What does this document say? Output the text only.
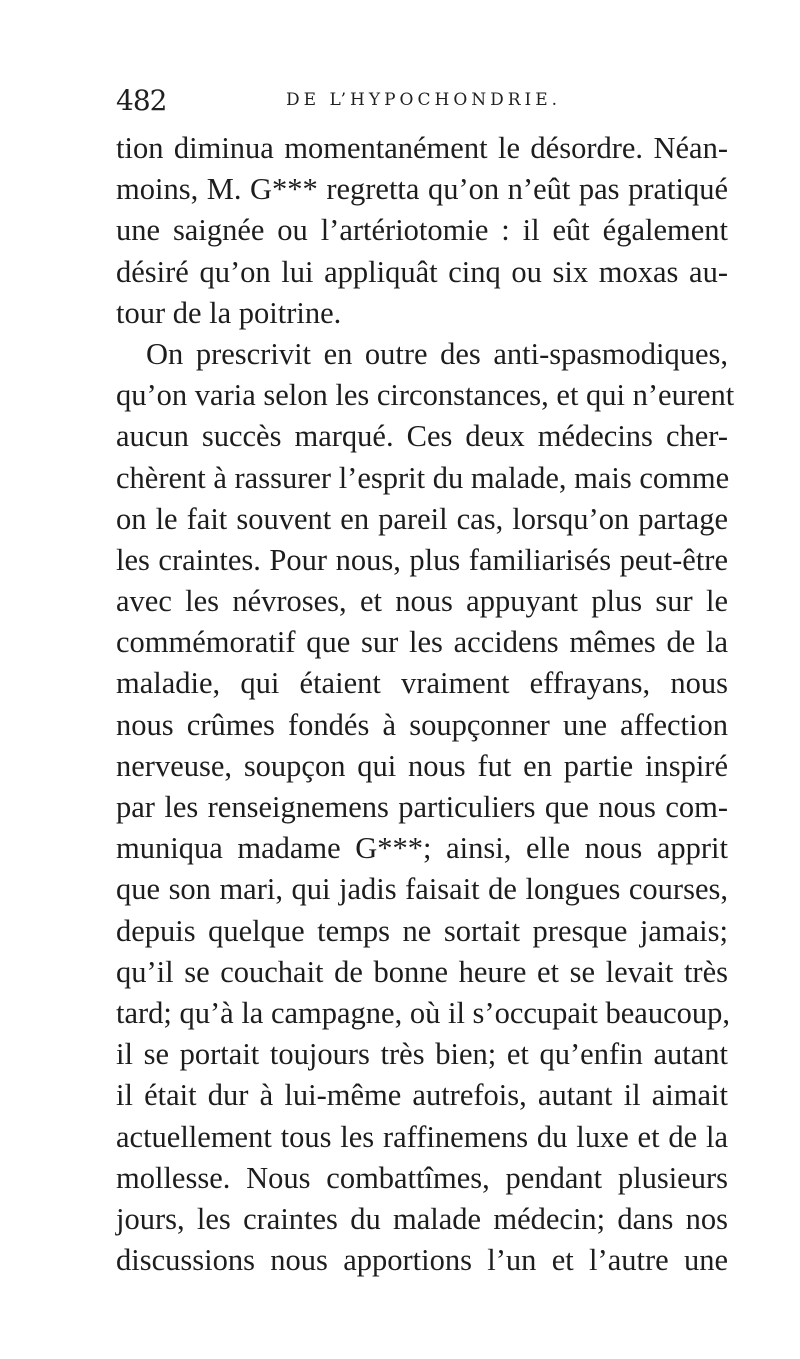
482	DE L’HYPOCHONDRIE.
tion diminua momentanément le désordre. Néan-
moins, M. G*** regretta qu’on n’eût pas pratiqué
une saignée ou l’artériotomie : il eût également
désiré qu’on lui appliquât cinq ou six moxas au-
tour de la poitrine.
On prescrivit en outre des anti-spasmodiques,
qu’on varia selon les circonstances, et qui n’eurent
aucun succès marqué. Ces deux médecins cher-
chèrent à rassurer l’esprit du malade, mais comme
on le fait souvent en pareil cas, lorsqu’on partage
les craintes. Pour nous, plus familiarisés peut-être
avec les névroses, et nous appuyant plus sur le
commémoratif que sur les accidens mêmes de la
maladie, qui étaient vraiment effrayans, nous
nous crûmes fondés à soupçonner une affection
nerveuse, soupçon qui nous fut en partie inspiré
par les renseignemens particuliers que nous com-
muniqua madame G***; ainsi, elle nous apprit
que son mari, qui jadis faisait de longues courses,
depuis quelque temps ne sortait presque jamais;
qu’il se couchait de bonne heure et se levait très
tard; qu’à la campagne, où il s’occupait beaucoup,
il se portait toujours très bien; et qu’enfin autant
il était dur à lui-même autrefois, autant il aimait
actuellement tous les raffinemens du luxe et de la
mollesse. Nous combattîmes, pendant plusieurs
jours, les craintes du malade médecin; dans nos
discussions nous apportions l’un et l’autre une
